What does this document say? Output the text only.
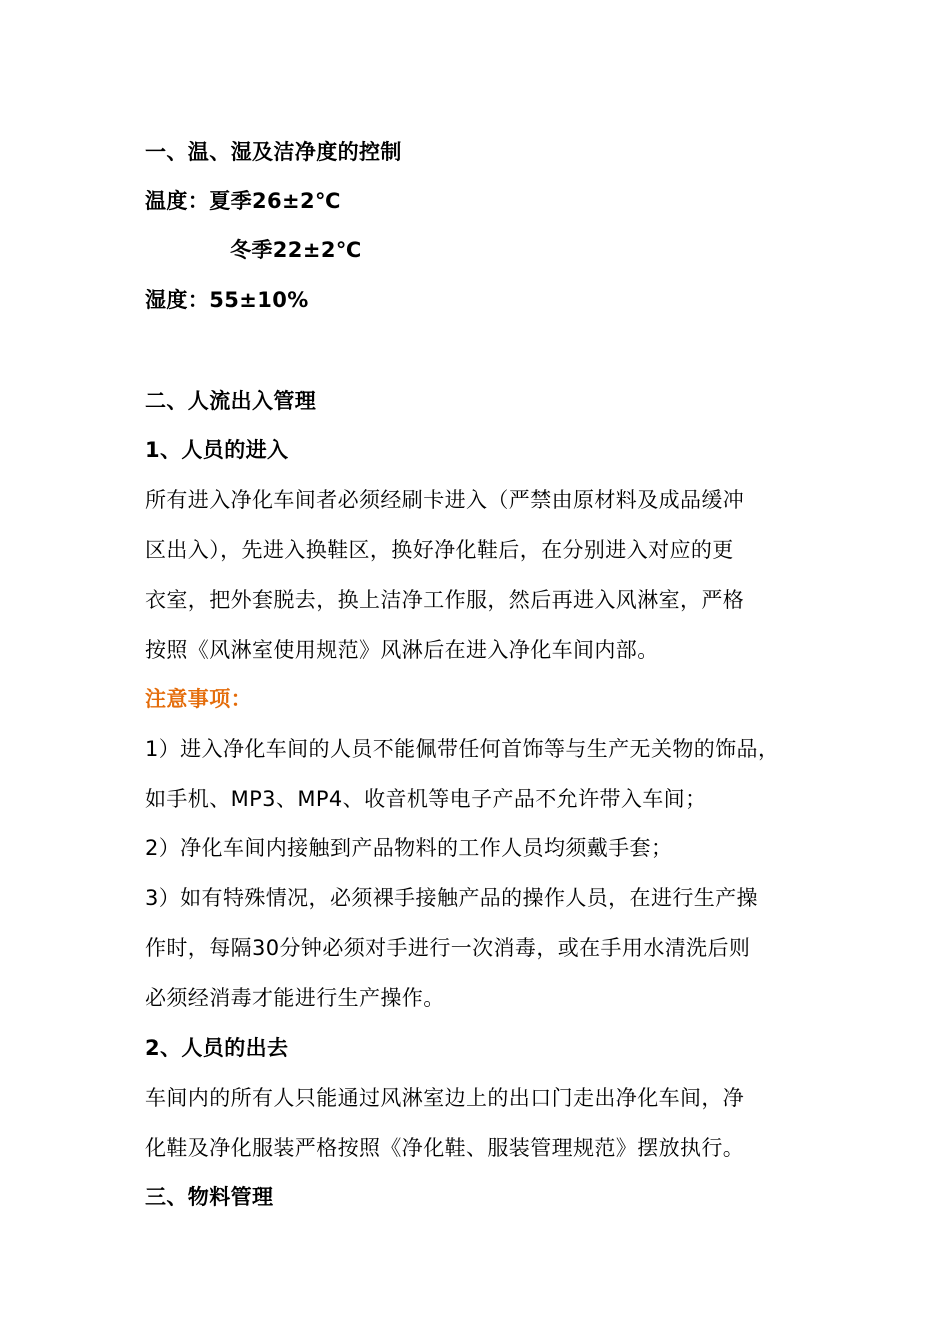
一、温、湿及洁净度的控制
温度：夏季26±2℃
冬季22±2℃
湿度：55±10%
二、人流出入管理
1、人员的进入
所有进入净化车间者必须经刷卡进入（严禁由原材料及成品缓冲
区出入），先进入换鞋区，换好净化鞋后，在分别进入对应的更
衣室，把外套脱去，换上洁净工作服，然后再进入风淋室，严格
按照《风淋室使用规范》风淋后在进入净化车间内部。
注意事项：
1）进入净化车间的人员不能佩带任何首饰等与生产无关物的饰品，
如手机、MP3、MP4、收音机等电子产品不允许带入车间；
2）净化车间内接触到产品物料的工作人员均须戴手套；
3）如有特殊情况，必须裸手接触产品的操作人员，在进行生产操
作时，每隔30分钟必须对手进行一次消毒，或在手用水清洗后则
必须经消毒才能进行生产操作。
2、人员的出去
车间内的所有人只能通过风淋室边上的出口门走出净化车间，净
化鞋及净化服装严格按照《净化鞋、服装管理规范》摆放执行。
三、物料管理
